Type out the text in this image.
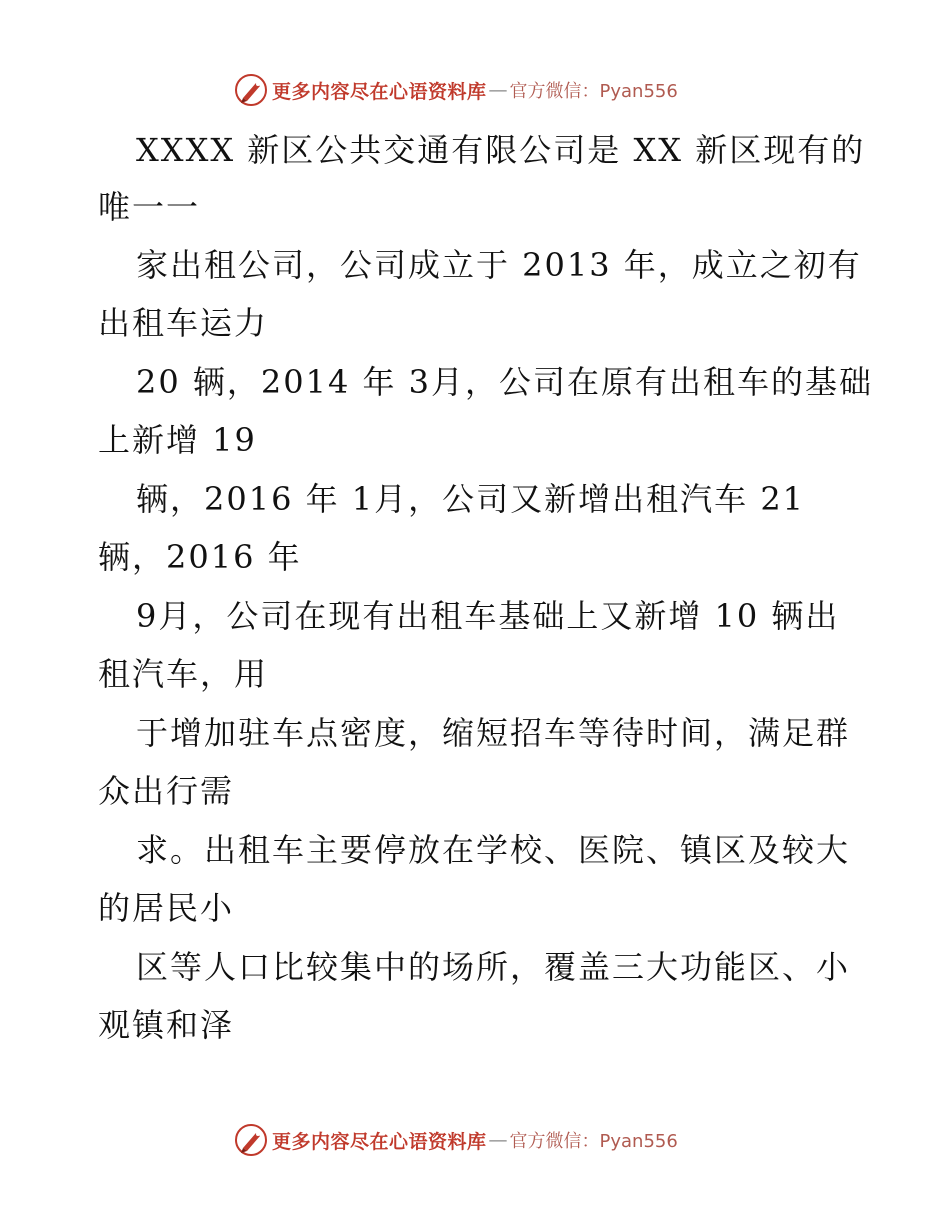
更多内容尽在心语资料库 — 官方微信：Pyan556
XXXX 新区公共交通有限公司是 XX 新区现有的
唯一一
家出租公司，公司成立于 2013 年，成立之初有
出租车运力
20 辆，2014 年 3月，公司在原有出租车的基础
上新增 19
辆，2016 年 1月，公司又新增出租汽车 21
辆，2016 年
9月，公司在现有出租车基础上又新增 10 辆出
租汽车，用
于增加驻车点密度，缩短招车等待时间，满足群
众出行需
求。出租车主要停放在学校、医院、镇区及较大
的居民小
区等人口比较集中的场所，覆盖三大功能区、小
观镇和泽
更多内容尽在心语资料库 — 官方微信：Pyan556
